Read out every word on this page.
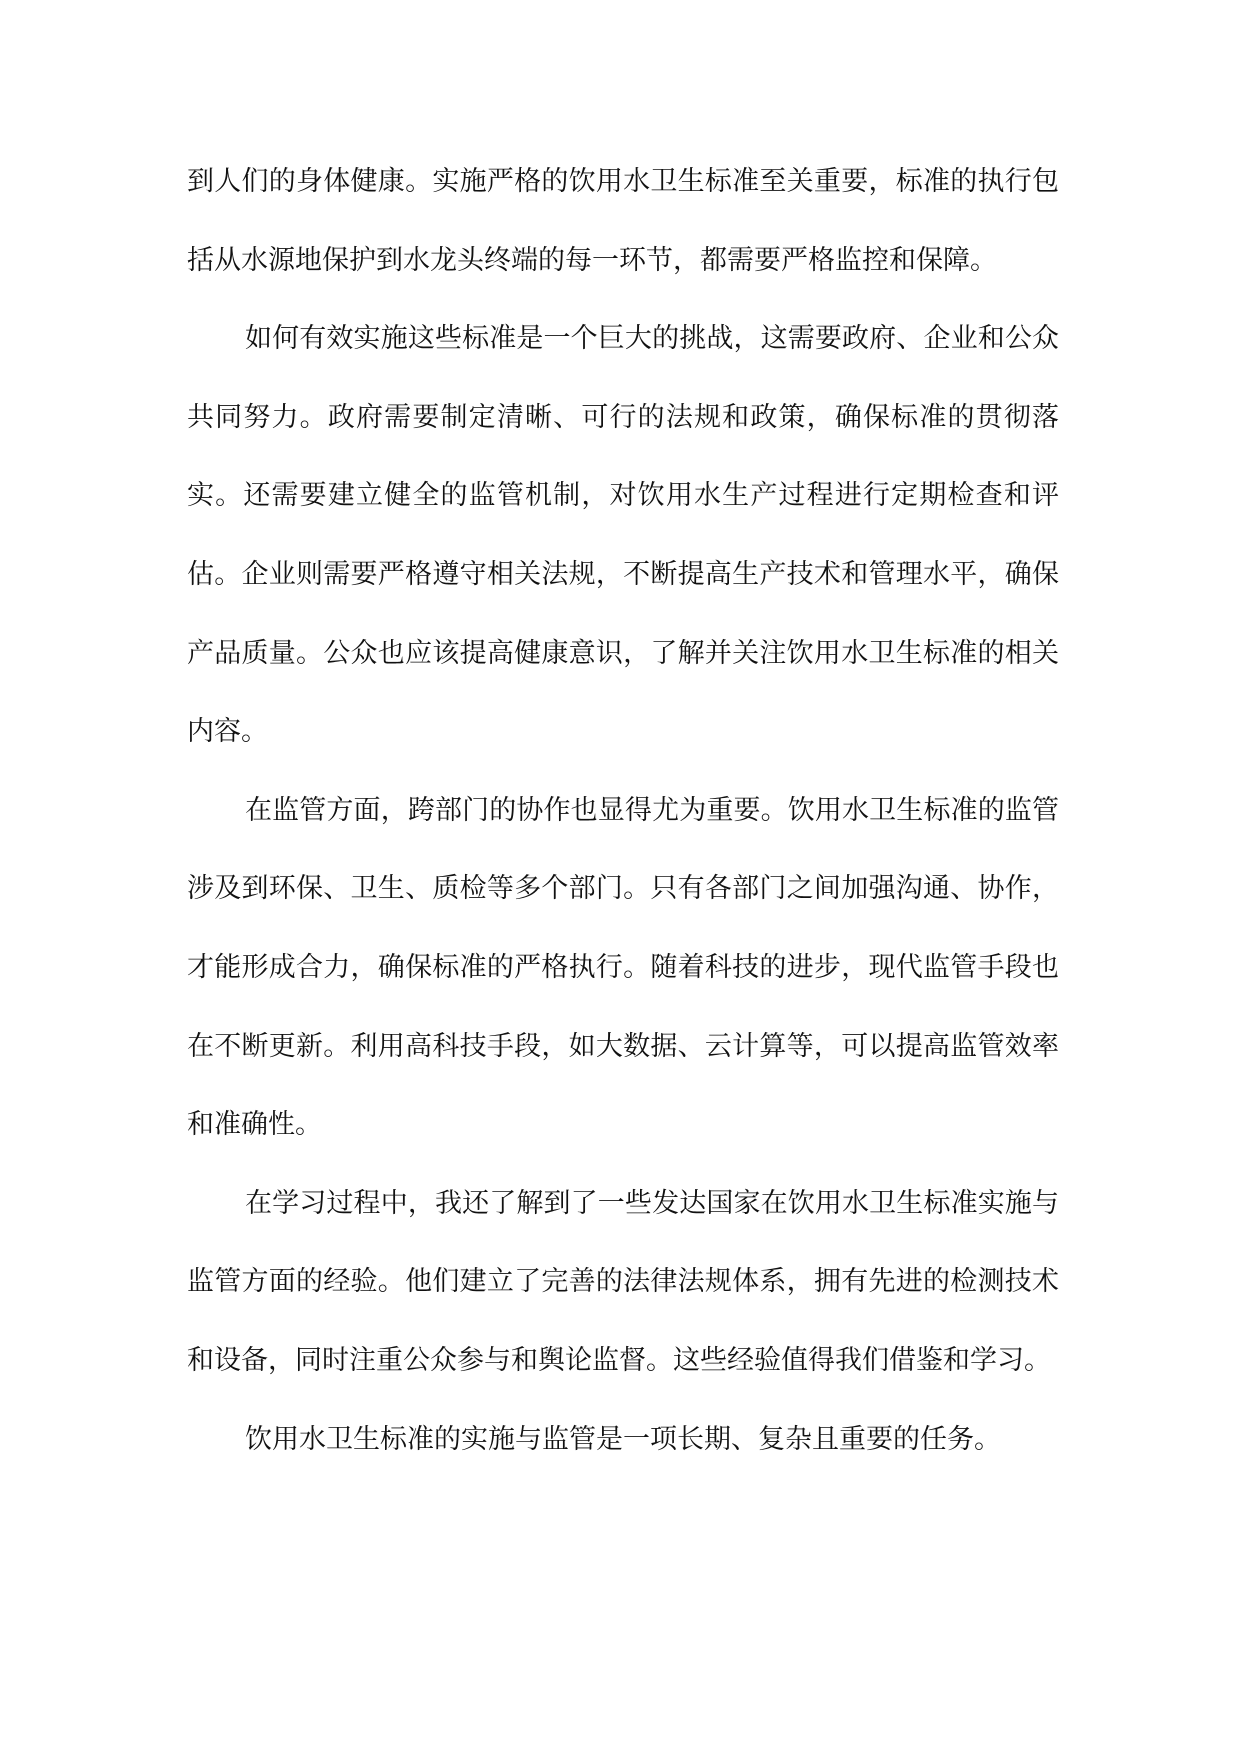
到人们的身体健康。实施严格的饮用水卫生标准至关重要，标准的执行包括从水源地保护到水龙头终端的每一环节，都需要严格监控和保障。

如何有效实施这些标准是一个巨大的挑战，这需要政府、企业和公众共同努力。政府需要制定清晰、可行的法规和政策，确保标准的贯彻落实。还需要建立健全的监管机制，对饮用水生产过程进行定期检查和评估。企业则需要严格遵守相关法规，不断提高生产技术和管理水平，确保产品质量。公众也应该提高健康意识，了解并关注饮用水卫生标准的相关内容。

在监管方面，跨部门的协作也显得尤为重要。饮用水卫生标准的监管涉及到环保、卫生、质检等多个部门。只有各部门之间加强沟通、协作，才能形成合力，确保标准的严格执行。随着科技的进步，现代监管手段也在不断更新。利用高科技手段，如大数据、云计算等，可以提高监管效率和准确性。

在学习过程中，我还了解到了一些发达国家在饮用水卫生标准实施与监管方面的经验。他们建立了完善的法律法规体系，拥有先进的检测技术和设备，同时注重公众参与和舆论监督。这些经验值得我们借鉴和学习。

饮用水卫生标准的实施与监管是一项长期、复杂且重要的任务。
